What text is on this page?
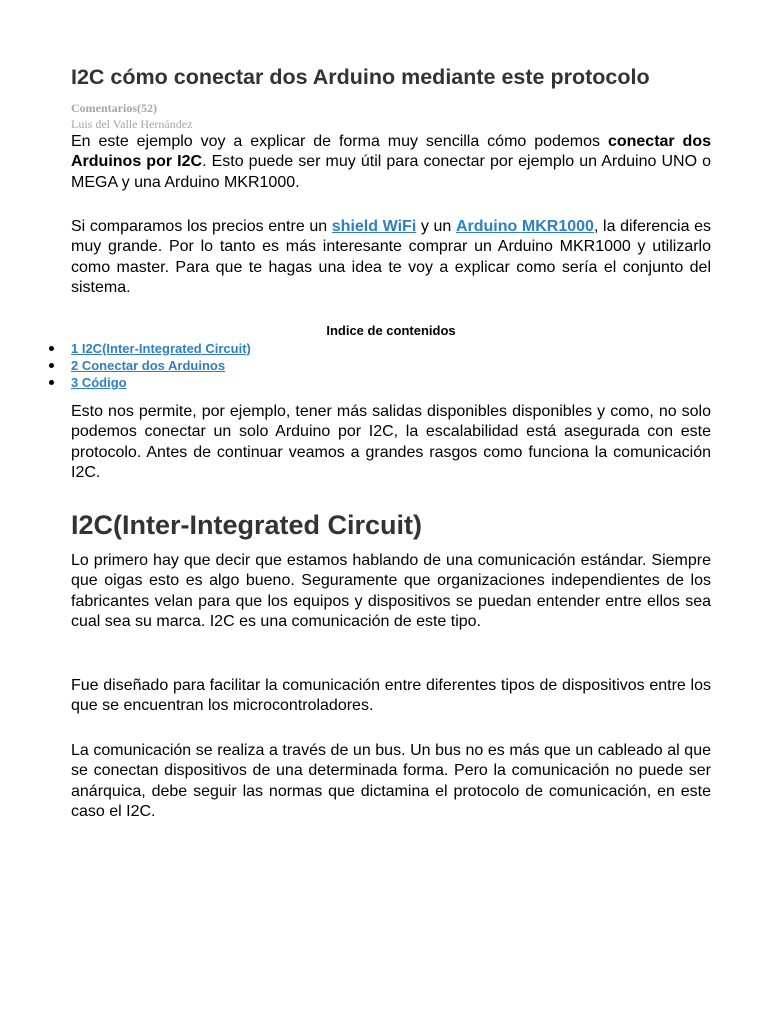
I2C cómo conectar dos Arduino mediante este protocolo
Comentarios(52)
Luis del Valle Hernández

En este ejemplo voy a explicar de forma muy sencilla cómo podemos conectar dos Arduinos por I2C. Esto puede ser muy útil para conectar por ejemplo un Arduino UNO o MEGA y una Arduino MKR1000.

Si comparamos los precios entre un shield WiFi y un Arduino MKR1000, la diferencia es muy grande. Por lo tanto es más interesante comprar un Arduino MKR1000 y utilizarlo como master. Para que te hagas una idea te voy a explicar como sería el conjunto del sistema.

Indice de contenidos
1 I2C(Inter-Integrated Circuit)
2 Conectar dos Arduinos
3 Código

Esto nos permite, por ejemplo, tener más salidas disponibles disponibles y como, no solo podemos conectar un solo Arduino por I2C, la escalabilidad está asegurada con este protocolo. Antes de continuar veamos a grandes rasgos como funciona la comunicación I2C.

I2C(Inter-Integrated Circuit)

Lo primero hay que decir que estamos hablando de una comunicación estándar. Siempre que oigas esto es algo bueno. Seguramente que organizaciones independientes de los fabricantes velan para que los equipos y dispositivos se puedan entender entre ellos sea cual sea su marca. I2C es una comunicación de este tipo.

Fue diseñado para facilitar la comunicación entre diferentes tipos de dispositivos entre los que se encuentran los microcontroladores.

La comunicación se realiza a través de un bus. Un bus no es más que un cableado al que se conectan dispositivos de una determinada forma. Pero la comunicación no puede ser anárquica, debe seguir las normas que dictamina el protocolo de comunicación, en este caso el I2C.
